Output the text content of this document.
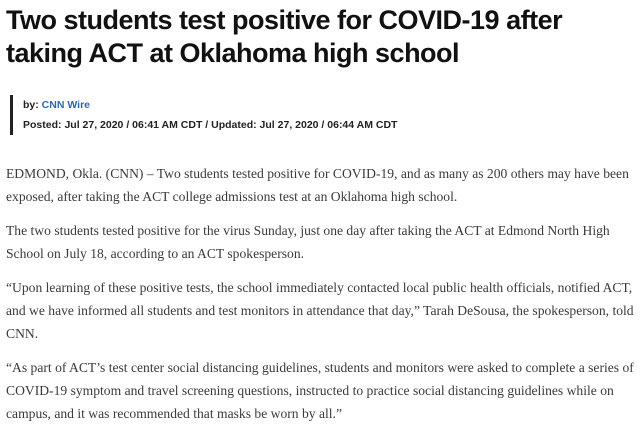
Two students test positive for COVID-19 after taking ACT at Oklahoma high school
by: CNN Wire
Posted: Jul 27, 2020 / 06:41 AM CDT / Updated: Jul 27, 2020 / 06:44 AM CDT

EDMOND, Okla. (CNN) – Two students tested positive for COVID-19, and as many as 200 others may have been exposed, after taking the ACT college admissions test at an Oklahoma high school.

The two students tested positive for the virus Sunday, just one day after taking the ACT at Edmond North High School on July 18, according to an ACT spokesperson.

“Upon learning of these positive tests, the school immediately contacted local public health officials, notified ACT, and we have informed all students and test monitors in attendance that day,” Tarah DeSousa, the spokesperson, told CNN.

“As part of ACT’s test center social distancing guidelines, students and monitors were asked to complete a series of COVID-19 symptom and travel screening questions, instructed to practice social distancing guidelines while on campus, and it was recommended that masks be worn by all.”
